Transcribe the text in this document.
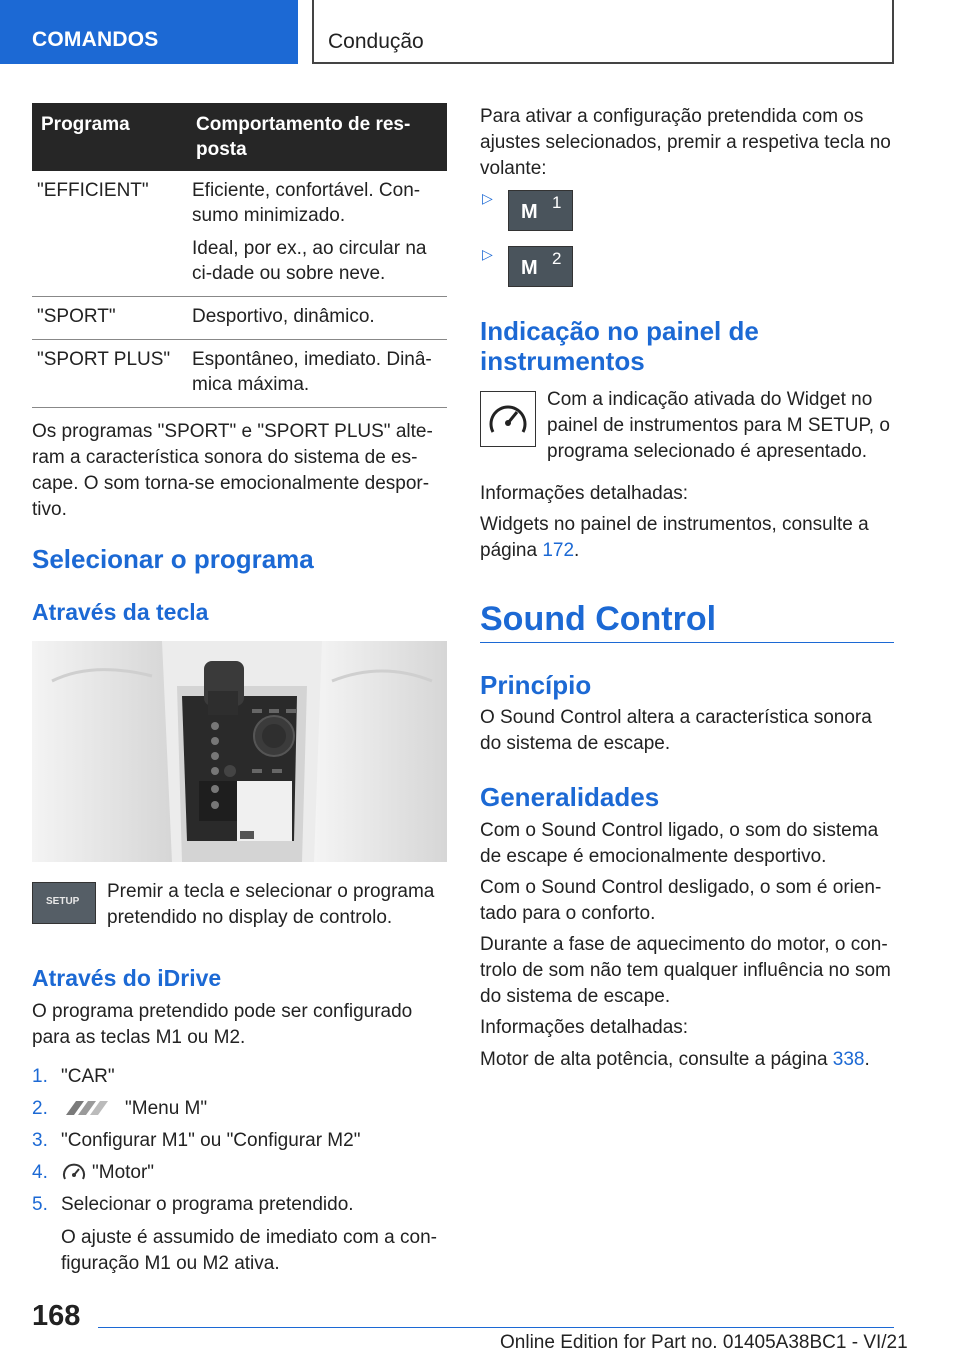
COMANDOS	Condução
Programa	Comportamento de res-posta
"EFFICIENT"	Eficiente, confortável. Con-sumo minimizado.

Ideal, por ex., ao circular na ci-dade ou sobre neve.

"SPORT"	Desportivo, dinâmico.

"SPORT PLUS"	Espontâneo, imediato. Dinâ-mica máxima.

Os programas "SPORT" e "SPORT PLUS" alte-ram a característica sonora do sistema de es-cape. O som torna-se emocionalmente despor-tivo.

Selecionar o programa
Através da tecla
SETUP Premir a tecla e selecionar o programa pretendido no display de controlo.

Através do iDrive

O programa pretendido pode ser configurado para as teclas M1 ou M2.

1. "CAR"
2.	"Menu M"
3. "Configurar M1" ou "Configurar M2"
4. "Motor"
5. Selecionar o programa pretendido.

O ajuste é assumido de imediato com a con-figuração M1 ou M2 ativa.

Para ativar a configuração pretendida com os ajustes selecionados, premir a respetiva tecla no volante:

▷
M 1
▷
M 2
Indicação no painel de instrumentos

Com a indicação ativada do Widget no painel de instrumentos para M SETUP, o programa selecionado é apresentado.

Informações detalhadas:

Widgets no painel de instrumentos, consulte a página 172.

Sound Control
Princípio

O Sound Control altera a característica sonora do sistema de escape.

Generalidades

Com o Sound Control ligado, o som do sistema de escape é emocionalmente desportivo.

Com o Sound Control desligado, o som é orien-tado para o conforto.

Durante a fase de aquecimento do motor, o con-trolo de som não tem qualquer influência no som do sistema de escape.

Informações detalhadas:

Motor de alta potência, consulte a página 338.

168
Online Edition for Part no. 01405A38BC1 - VI/21
